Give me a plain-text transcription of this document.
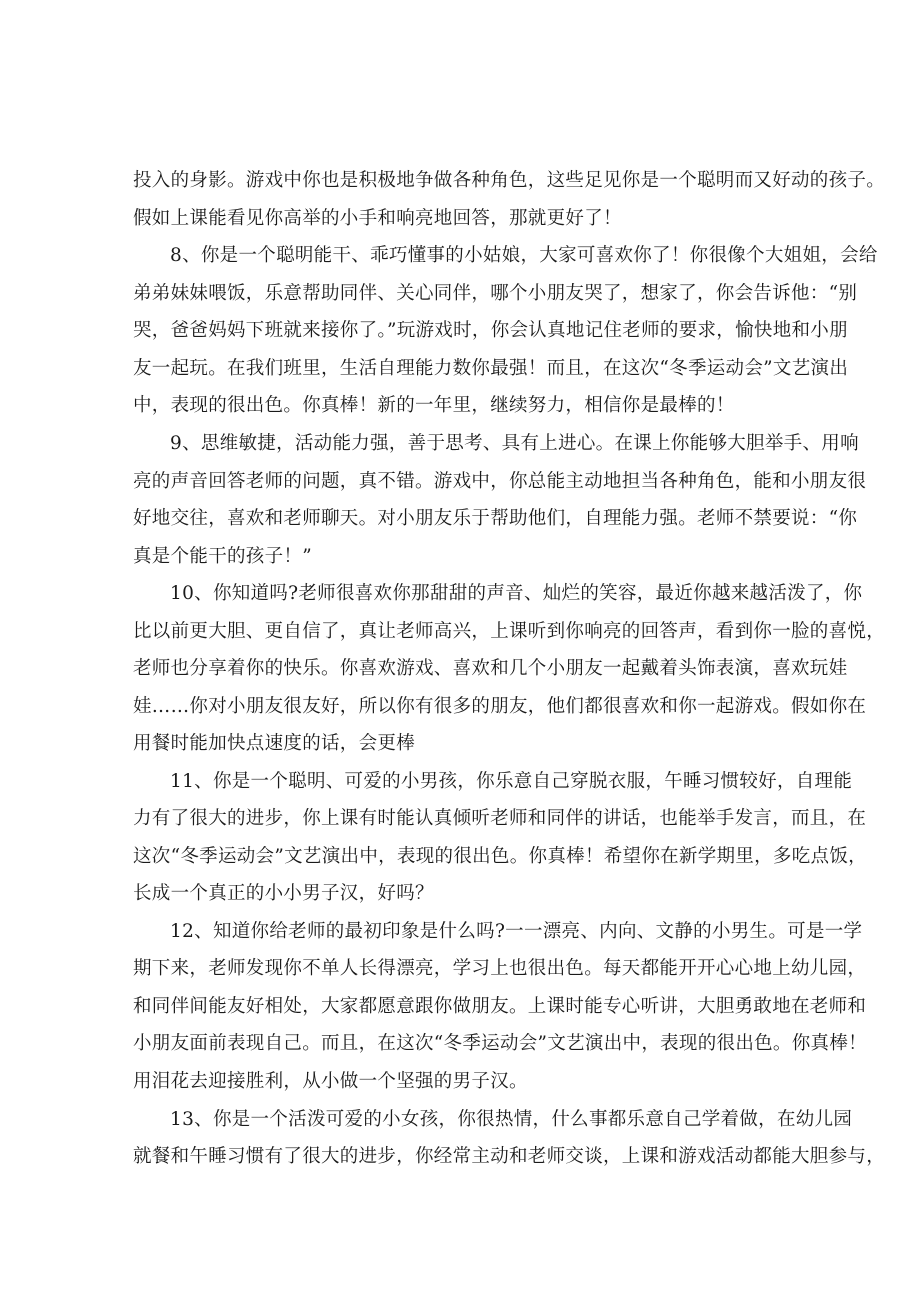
投入的身影。游戏中你也是积极地争做各种角色，这些足见你是一个聪明而又好动的孩子。

假如上课能看见你高举的小手和响亮地回答，那就更好了！

8、你是一个聪明能干、乖巧懂事的小姑娘，大家可喜欢你了！你很像个大姐姐，会给

弟弟妹妹喂饭，乐意帮助同伴、关心同伴，哪个小朋友哭了，想家了，你会告诉他：“别

哭，爸爸妈妈下班就来接你了。”玩游戏时，你会认真地记住老师的要求，愉快地和小朋

友一起玩。在我们班里，生活自理能力数你最强！而且，在这次“冬季运动会”文艺演出

中，表现的很出色。你真棒！新的一年里，继续努力，相信你是最棒的！

9、思维敏捷，活动能力强，善于思考、具有上进心。在课上你能够大胆举手、用响

亮的声音回答老师的问题，真不错。游戏中，你总能主动地担当各种角色，能和小朋友很

好地交往，喜欢和老师聊天。对小朋友乐于帮助他们，自理能力强。老师不禁要说：“你

真是个能干的孩子！”

10、你知道吗?老师很喜欢你那甜甜的声音、灿烂的笑容，最近你越来越活泼了，你

比以前更大胆、更自信了，真让老师高兴，上课听到你响亮的回答声，看到你一脸的喜悦，

老师也分享着你的快乐。你喜欢游戏、喜欢和几个小朋友一起戴着头饰表演，喜欢玩娃

娃……你对小朋友很友好，所以你有很多的朋友，他们都很喜欢和你一起游戏。假如你在

用餐时能加快点速度的话，会更棒

11、你是一个聪明、可爱的小男孩，你乐意自己穿脱衣服，午睡习惯较好，自理能

力有了很大的进步，你上课有时能认真倾听老师和同伴的讲话，也能举手发言，而且，在

这次“冬季运动会”文艺演出中，表现的很出色。你真棒！希望你在新学期里，多吃点饭，

长成一个真正的小小男子汉，好吗？

12、知道你给老师的最初印象是什么吗?一一漂亮、内向、文静的小男生。可是一学

期下来，老师发现你不单人长得漂亮，学习上也很出色。每天都能开开心心地上幼儿园，

和同伴间能友好相处，大家都愿意跟你做朋友。上课时能专心听讲，大胆勇敢地在老师和

小朋友面前表现自己。而且，在这次“冬季运动会”文艺演出中，表现的很出色。你真棒！

用泪花去迎接胜利，从小做一个坚强的男子汉。

13、你是一个活泼可爱的小女孩，你很热情，什么事都乐意自己学着做，在幼儿园

就餐和午睡习惯有了很大的进步，你经常主动和老师交谈，上课和游戏活动都能大胆参与，
